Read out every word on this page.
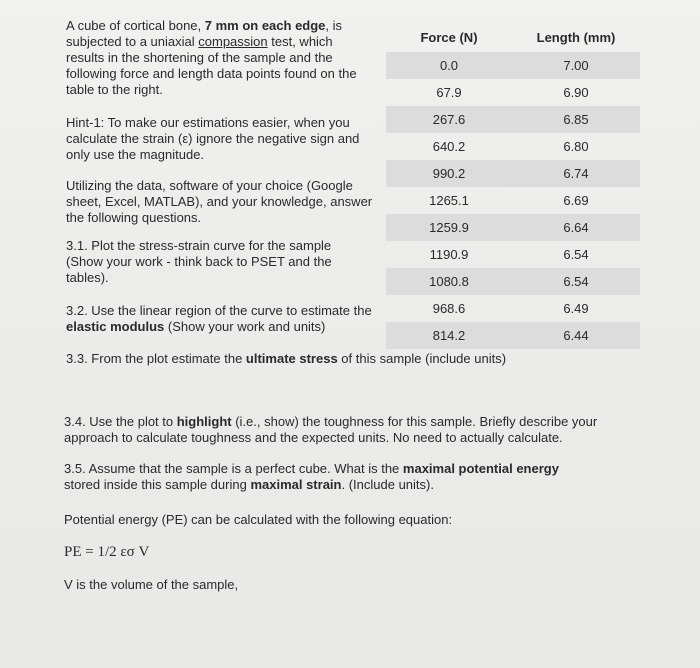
A cube of cortical bone, 7 mm on each edge, is
subjected to a uniaxial compassion test, which
results in the shortening of the sample and the
following force and length data points found on the
table to the right.
Hint-1: To make our estimations easier, when you
calculate the strain (ε) ignore the negative sign and
only use the magnitude.
Utilizing the data, software of your choice (Google
sheet, Excel, MATLAB), and your knowledge, answer
the following questions.
3.1. Plot the stress-strain curve for the sample
(Show your work - think back to PSET and the
tables).
3.2. Use the linear region of the curve to estimate the
elastic modulus (Show your work and units)
3.3. From the plot estimate the ultimate stress of this sample (include units)
3.4. Use the plot to highlight (i.e., show) the toughness for this sample. Briefly describe your
approach to calculate toughness and the expected units. No need to actually calculate.
3.5. Assume that the sample is a perfect cube. What is the maximal potential energy
stored inside this sample during maximal strain. (Include units).
Potential energy (PE) can be calculated with the following equation:
PE = 1/2 εσ V
V is the volume of the sample,
Force (N)	Length (mm)
0.0	7.00
67.9	6.90
267.6	6.85
640.2	6.80
990.2	6.74
1265.1	6.69
1259.9	6.64
1190.9	6.54
1080.8	6.54
968.6	6.49
814.2	6.44
